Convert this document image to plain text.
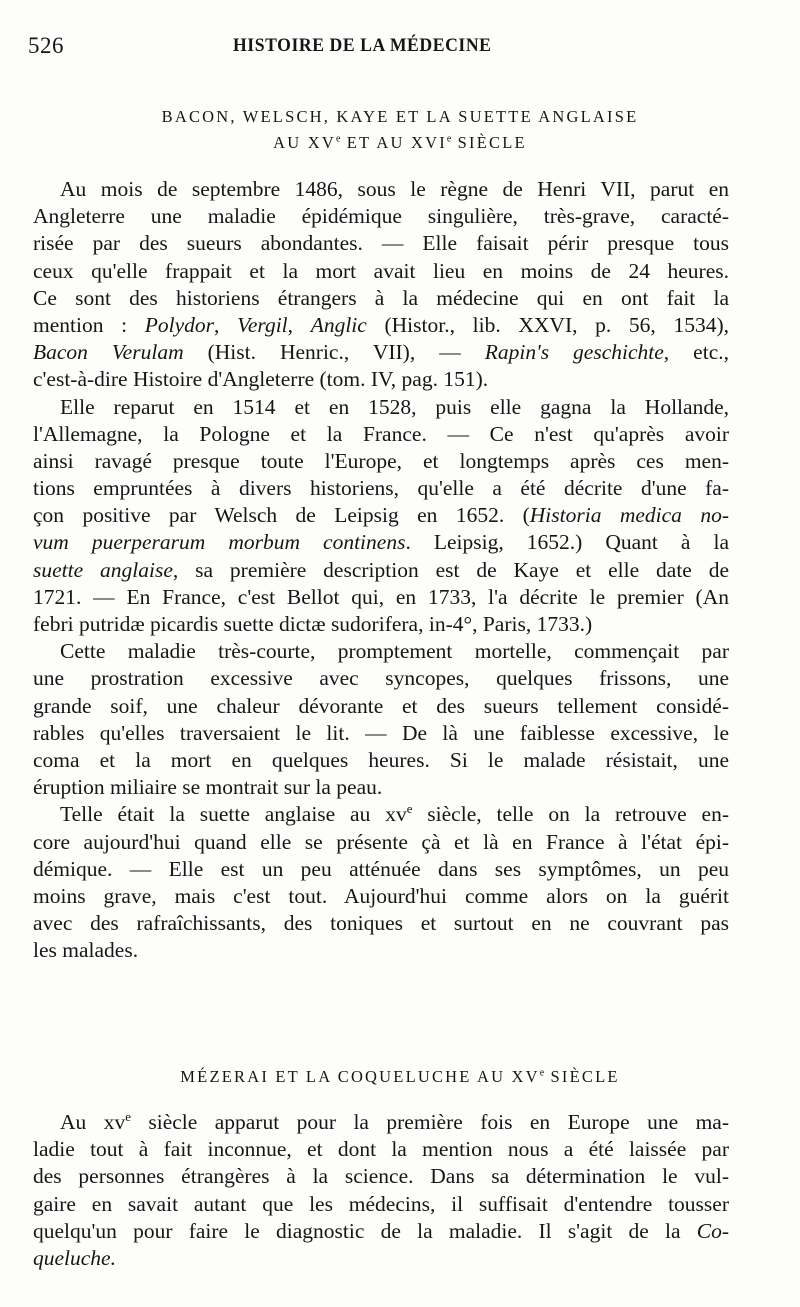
526	HISTOIRE DE LA MÉDECINE
BACON, WELSCH, KAYE ET LA SUETTE ANGLAISE
AU XVe ET AU XVIe SIÈCLE

Au mois de septembre 1486, sous le règne de Henri VII, parut en
Angleterre une maladie épidémique singulière, très-grave, caracté-
risée par des sueurs abondantes. — Elle faisait périr presque tous
ceux qu'elle frappait et la mort avait lieu en moins de 24 heures.
Ce sont des historiens étrangers à la médecine qui en ont fait la
mention : Polydor, Vergil, Anglic (Histor., lib. XXVI, p. 56, 1534),
Bacon Verulam (Hist. Henric., VII), — Rapin's geschichte, etc.,
c'est-à-dire Histoire d'Angleterre (tom. IV, pag. 151).

Elle reparut en 1514 et en 1528, puis elle gagna la Hollande,
l'Allemagne, la Pologne et la France. — Ce n'est qu'après avoir
ainsi ravagé presque toute l'Europe, et longtemps après ces men-
tions empruntées à divers historiens, qu'elle a été décrite d'une fa-
çon positive par Welsch de Leipsig en 1652. (Historia medica no-
vum puerperarum morbum continens. Leipsig, 1652.) Quant à la
suette anglaise, sa première description est de Kaye et elle date de
1721. — En France, c'est Bellot qui, en 1733, l'a décrite le premier (An
febri putridæ picardis suette dictæ sudorifera, in-4°, Paris, 1733.)

Cette maladie très-courte, promptement mortelle, commençait par
une prostration excessive avec syncopes, quelques frissons, une
grande soif, une chaleur dévorante et des sueurs tellement considé-
rables qu'elles traversaient le lit. — De là une faiblesse excessive, le
coma et la mort en quelques heures. Si le malade résistait, une
éruption miliaire se montrait sur la peau.

Telle était la suette anglaise au $xv^e$ siècle, telle on la retrouve en-
core aujourd'hui quand elle se présente çà et là en France à l'état épi-
démique. — Elle est un peu atténuée dans ses symptômes, un peu
moins grave, mais c'est tout. Aujourd'hui comme alors on la guérit
avec des rafraîchissants, des toniques et surtout en ne couvrant pas
les malades.

MÉZERAI ET LA COQUELUCHE AU XVe SIÈCLE

Au $xv^e$ siècle apparut pour la première fois en Europe une ma-
ladie tout à fait inconnue, et dont la mention nous a été laissée par
des personnes étrangères à la science. Dans sa détermination le vul-
gaire en savait autant que les médecins, il suffisait d'entendre tousser
quelqu'un pour faire le diagnostic de la maladie. Il s'agit de la Co-
queluche.
